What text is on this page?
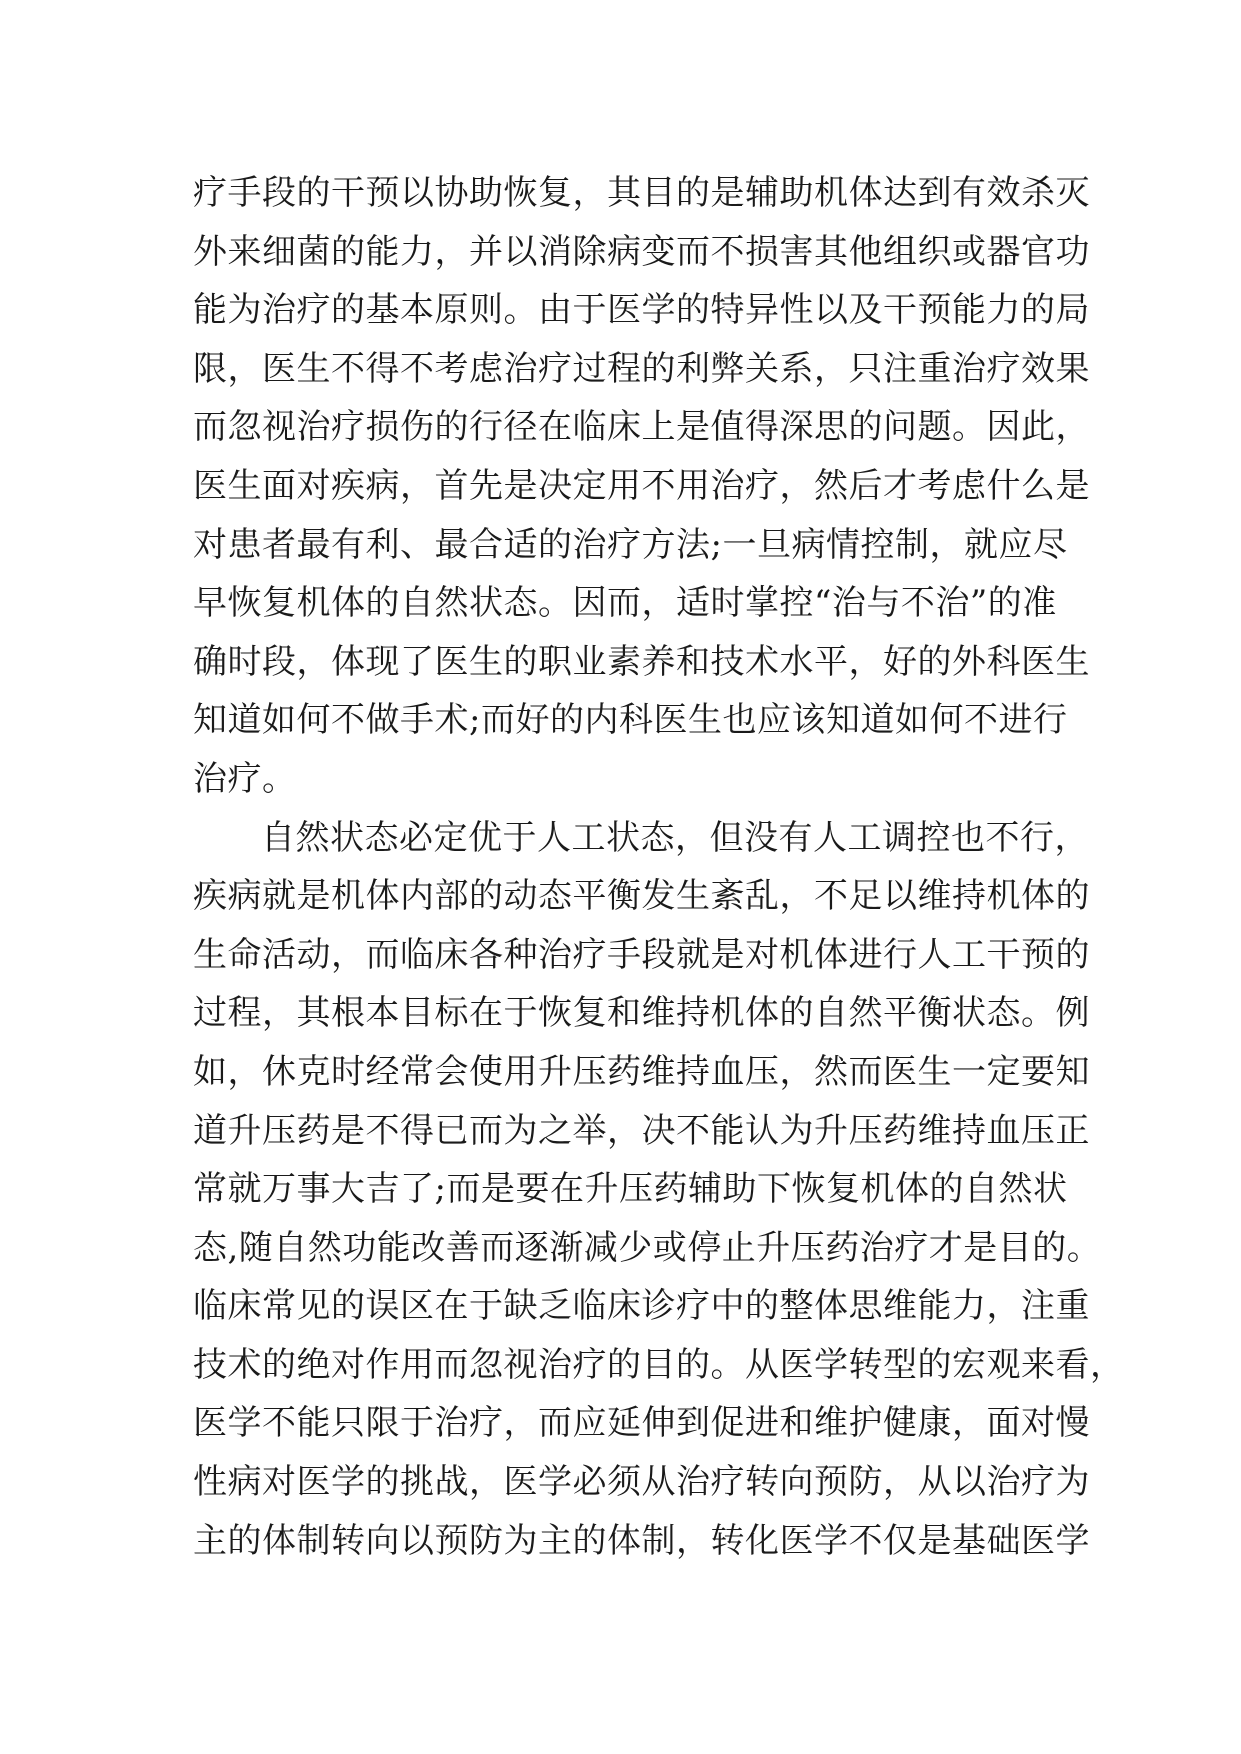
疗手段的干预以协助恢复，其目的是辅助机体达到有效杀灭
外来细菌的能力，并以消除病变而不损害其他组织或器官功
能为治疗的基本原则。由于医学的特异性以及干预能力的局
限，医生不得不考虑治疗过程的利弊关系，只注重治疗效果
而忽视治疗损伤的行径在临床上是值得深思的问题。因此，
医生面对疾病，首先是决定用不用治疗，然后才考虑什么是
对患者最有利、最合适的治疗方法;一旦病情控制，就应尽
早恢复机体的自然状态。因而，适时掌控“治与不治”的准
确时段，体现了医生的职业素养和技术水平，好的外科医生
知道如何不做手术;而好的内科医生也应该知道如何不进行
治疗。
自然状态必定优于人工状态，但没有人工调控也不行，
疾病就是机体内部的动态平衡发生紊乱，不足以维持机体的
生命活动，而临床各种治疗手段就是对机体进行人工干预的
过程，其根本目标在于恢复和维持机体的自然平衡状态。例
如，休克时经常会使用升压药维持血压，然而医生一定要知
道升压药是不得已而为之举，决不能认为升压药维持血压正
常就万事大吉了;而是要在升压药辅助下恢复机体的自然状
态,随自然功能改善而逐渐减少或停止升压药治疗才是目的。
临床常见的误区在于缺乏临床诊疗中的整体思维能力，注重
技术的绝对作用而忽视治疗的目的。从医学转型的宏观来看，
医学不能只限于治疗，而应延伸到促进和维护健康，面对慢
性病对医学的挑战，医学必须从治疗转向预防，从以治疗为
主的体制转向以预防为主的体制，转化医学不仅是基础医学
